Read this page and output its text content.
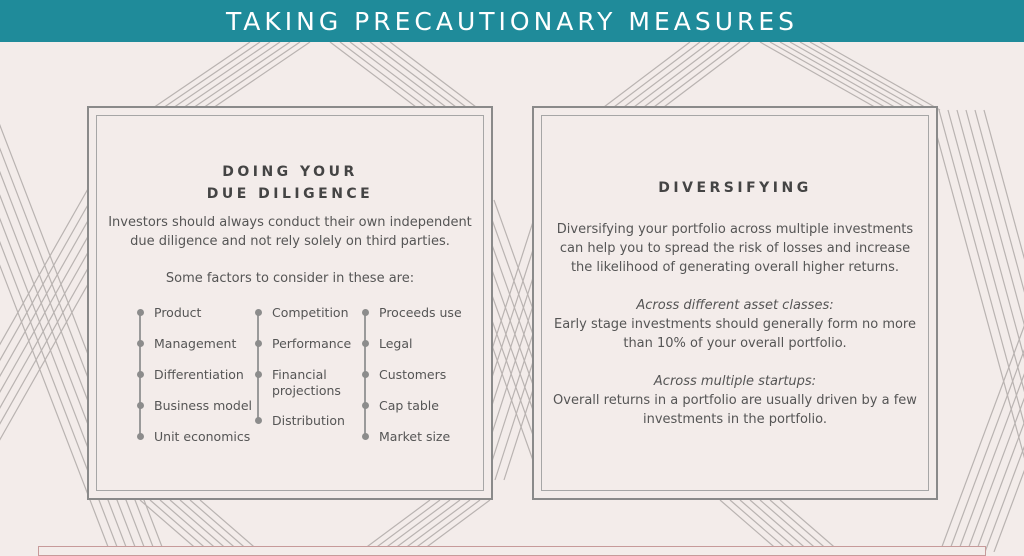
TAKING PRECAUTIONARY MEASURES
DOING YOUR
DUE DILIGENCE
Investors should always conduct their own independent
due diligence and not rely solely on third parties.
Some factors to consider in these are:
Product
Management
Differentiation
Business model
Unit economics
Competition
Performance
Financial projections
Distribution
Proceeds use
Legal
Customers
Cap table
Market size
DIVERSIFYING
Diversifying your portfolio across multiple investments
can help you to spread the risk of losses and increase
the likelihood of generating overall higher returns.
Across different asset classes:
Early stage investments should generally form no more
than 10% of your overall portfolio.
Across multiple startups:
Overall returns in a portfolio are usually driven by a few
investments in the portfolio.
